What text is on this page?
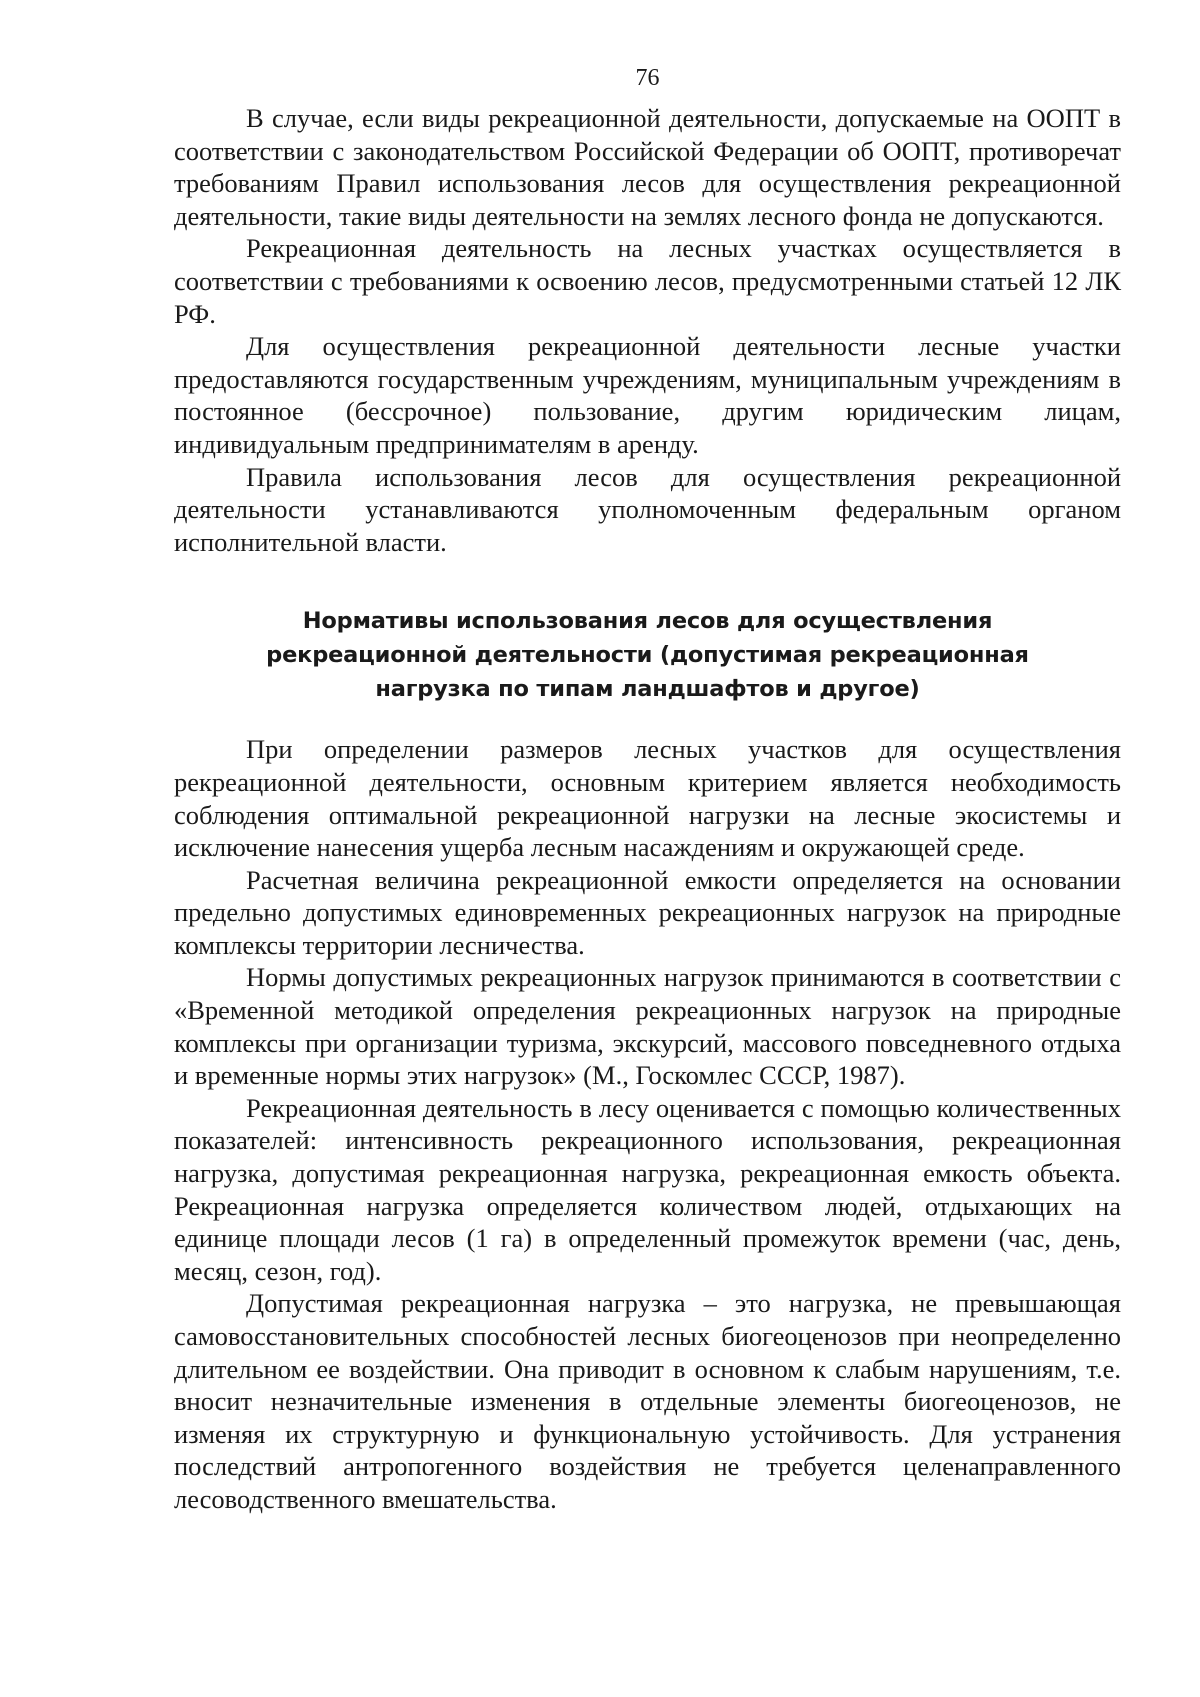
76

В случае, если виды рекреационной деятельности, допускаемые на ООПТ в соответствии с законодательством Российской Федерации об ООПТ, противоречат требованиям Правил использования лесов для осуществления рекреационной деятельности, такие виды деятельности на землях лесного фонда не допускаются.

Рекреационная деятельность на лесных участках осуществляется в соответствии с требованиями к освоению лесов, предусмотренными статьей 12 ЛК РФ.

Для осуществления рекреационной деятельности лесные участки предоставляются государственным учреждениям, муниципальным учреждениям в постоянное (бессрочное) пользование, другим юридическим лицам, индивидуальным предпринимателям в аренду.

Правила использования лесов для осуществления рекреационной деятельности устанавливаются уполномоченным федеральным органом исполнительной власти.

Нормативы использования лесов для осуществления
рекреационной деятельности (допустимая рекреационная
нагрузка по типам ландшафтов и другое)

При определении размеров лесных участков для осуществления рекреационной деятельности, основным критерием является необходимость соблюдения оптимальной рекреационной нагрузки на лесные экосистемы и исключение нанесения ущерба лесным насаждениям и окружающей среде.

Расчетная величина рекреационной емкости определяется на основании предельно допустимых единовременных рекреационных нагрузок на природные комплексы территории лесничества.

Нормы допустимых рекреационных нагрузок принимаются в соответствии с «Временной методикой определения рекреационных нагрузок на природные комплексы при организации туризма, экскурсий, массового повседневного отдыха и временные нормы этих нагрузок» (М., Госкомлес СССР, 1987).

Рекреационная деятельность в лесу оценивается с помощью количественных показателей: интенсивность рекреационного использования, рекреационная нагрузка, допустимая рекреационная нагрузка, рекреационная емкость объекта. Рекреационная нагрузка определяется количеством людей, отдыхающих на единице площади лесов (1 га) в определенный промежуток времени (час, день, месяц, сезон, год).

Допустимая рекреационная нагрузка – это нагрузка, не превышающая самовосстановительных способностей лесных биогеоценозов при неопределенно длительном ее воздействии. Она приводит в основном к слабым нарушениям, т.е. вносит незначительные изменения в отдельные элементы биогеоценозов, не изменяя их структурную и функциональную устойчивость. Для устранения последствий антропогенного воздействия не требуется целенаправленного лесоводственного вмешательства.
